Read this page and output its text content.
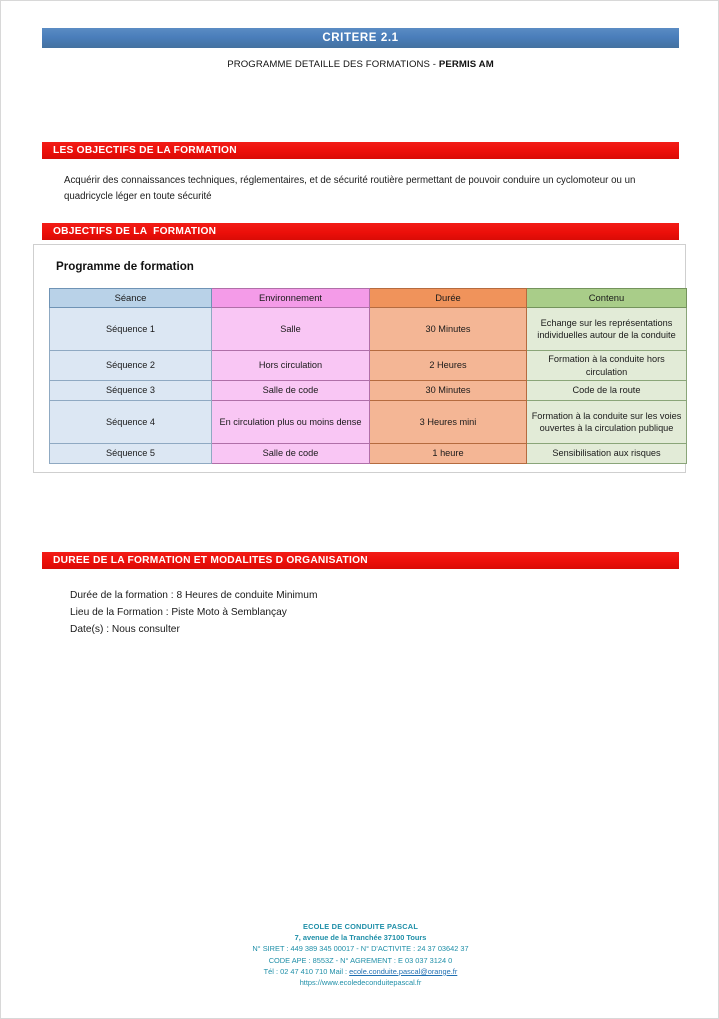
CRITERE 2.1
PROGRAMME DETAILLE DES FORMATIONS - PERMIS AM
LES OBJECTIFS DE LA FORMATION
Acquérir des connaissances techniques, réglementaires, et de sécurité routière permettant de pouvoir conduire un cyclomoteur ou un quadricycle léger en toute sécurité
OBJECTIFS DE LA  FORMATION
Programme de formation
Séance	Environnement	Durée	Contenu
Séquence 1	Salle	30 Minutes	Echange sur les représentations individuelles autour de la conduite
Séquence 2	Hors circulation	2 Heures	Formation à la conduite hors circulation
Séquence 3	Salle de code	30 Minutes	Code de la route
Séquence 4	En circulation plus ou moins dense	3 Heures mini	Formation à la conduite sur les voies ouvertes à la circulation publique
Séquence 5	Salle de code	1 heure	Sensibilisation aux risques
DUREE DE LA FORMATION ET MODALITES D ORGANISATION
Durée de la formation : 8 Heures de conduite Minimum
Lieu de la Formation : Piste Moto à Semblançay
Date(s) : Nous consulter
ECOLE DE CONDUITE PASCAL
7, avenue de la Tranchée 37100 Tours
N° SIRET : 449 389 345 00017 - N° D'ACTIVITE : 24 37 03642 37
CODE APE : 8553Z - N° AGREMENT : E 03 037 3124 0
Tél : 02 47 410 710 Mail : ecole.conduite.pascal@orange.fr
https://www.ecoledeconduitepascal.fr
